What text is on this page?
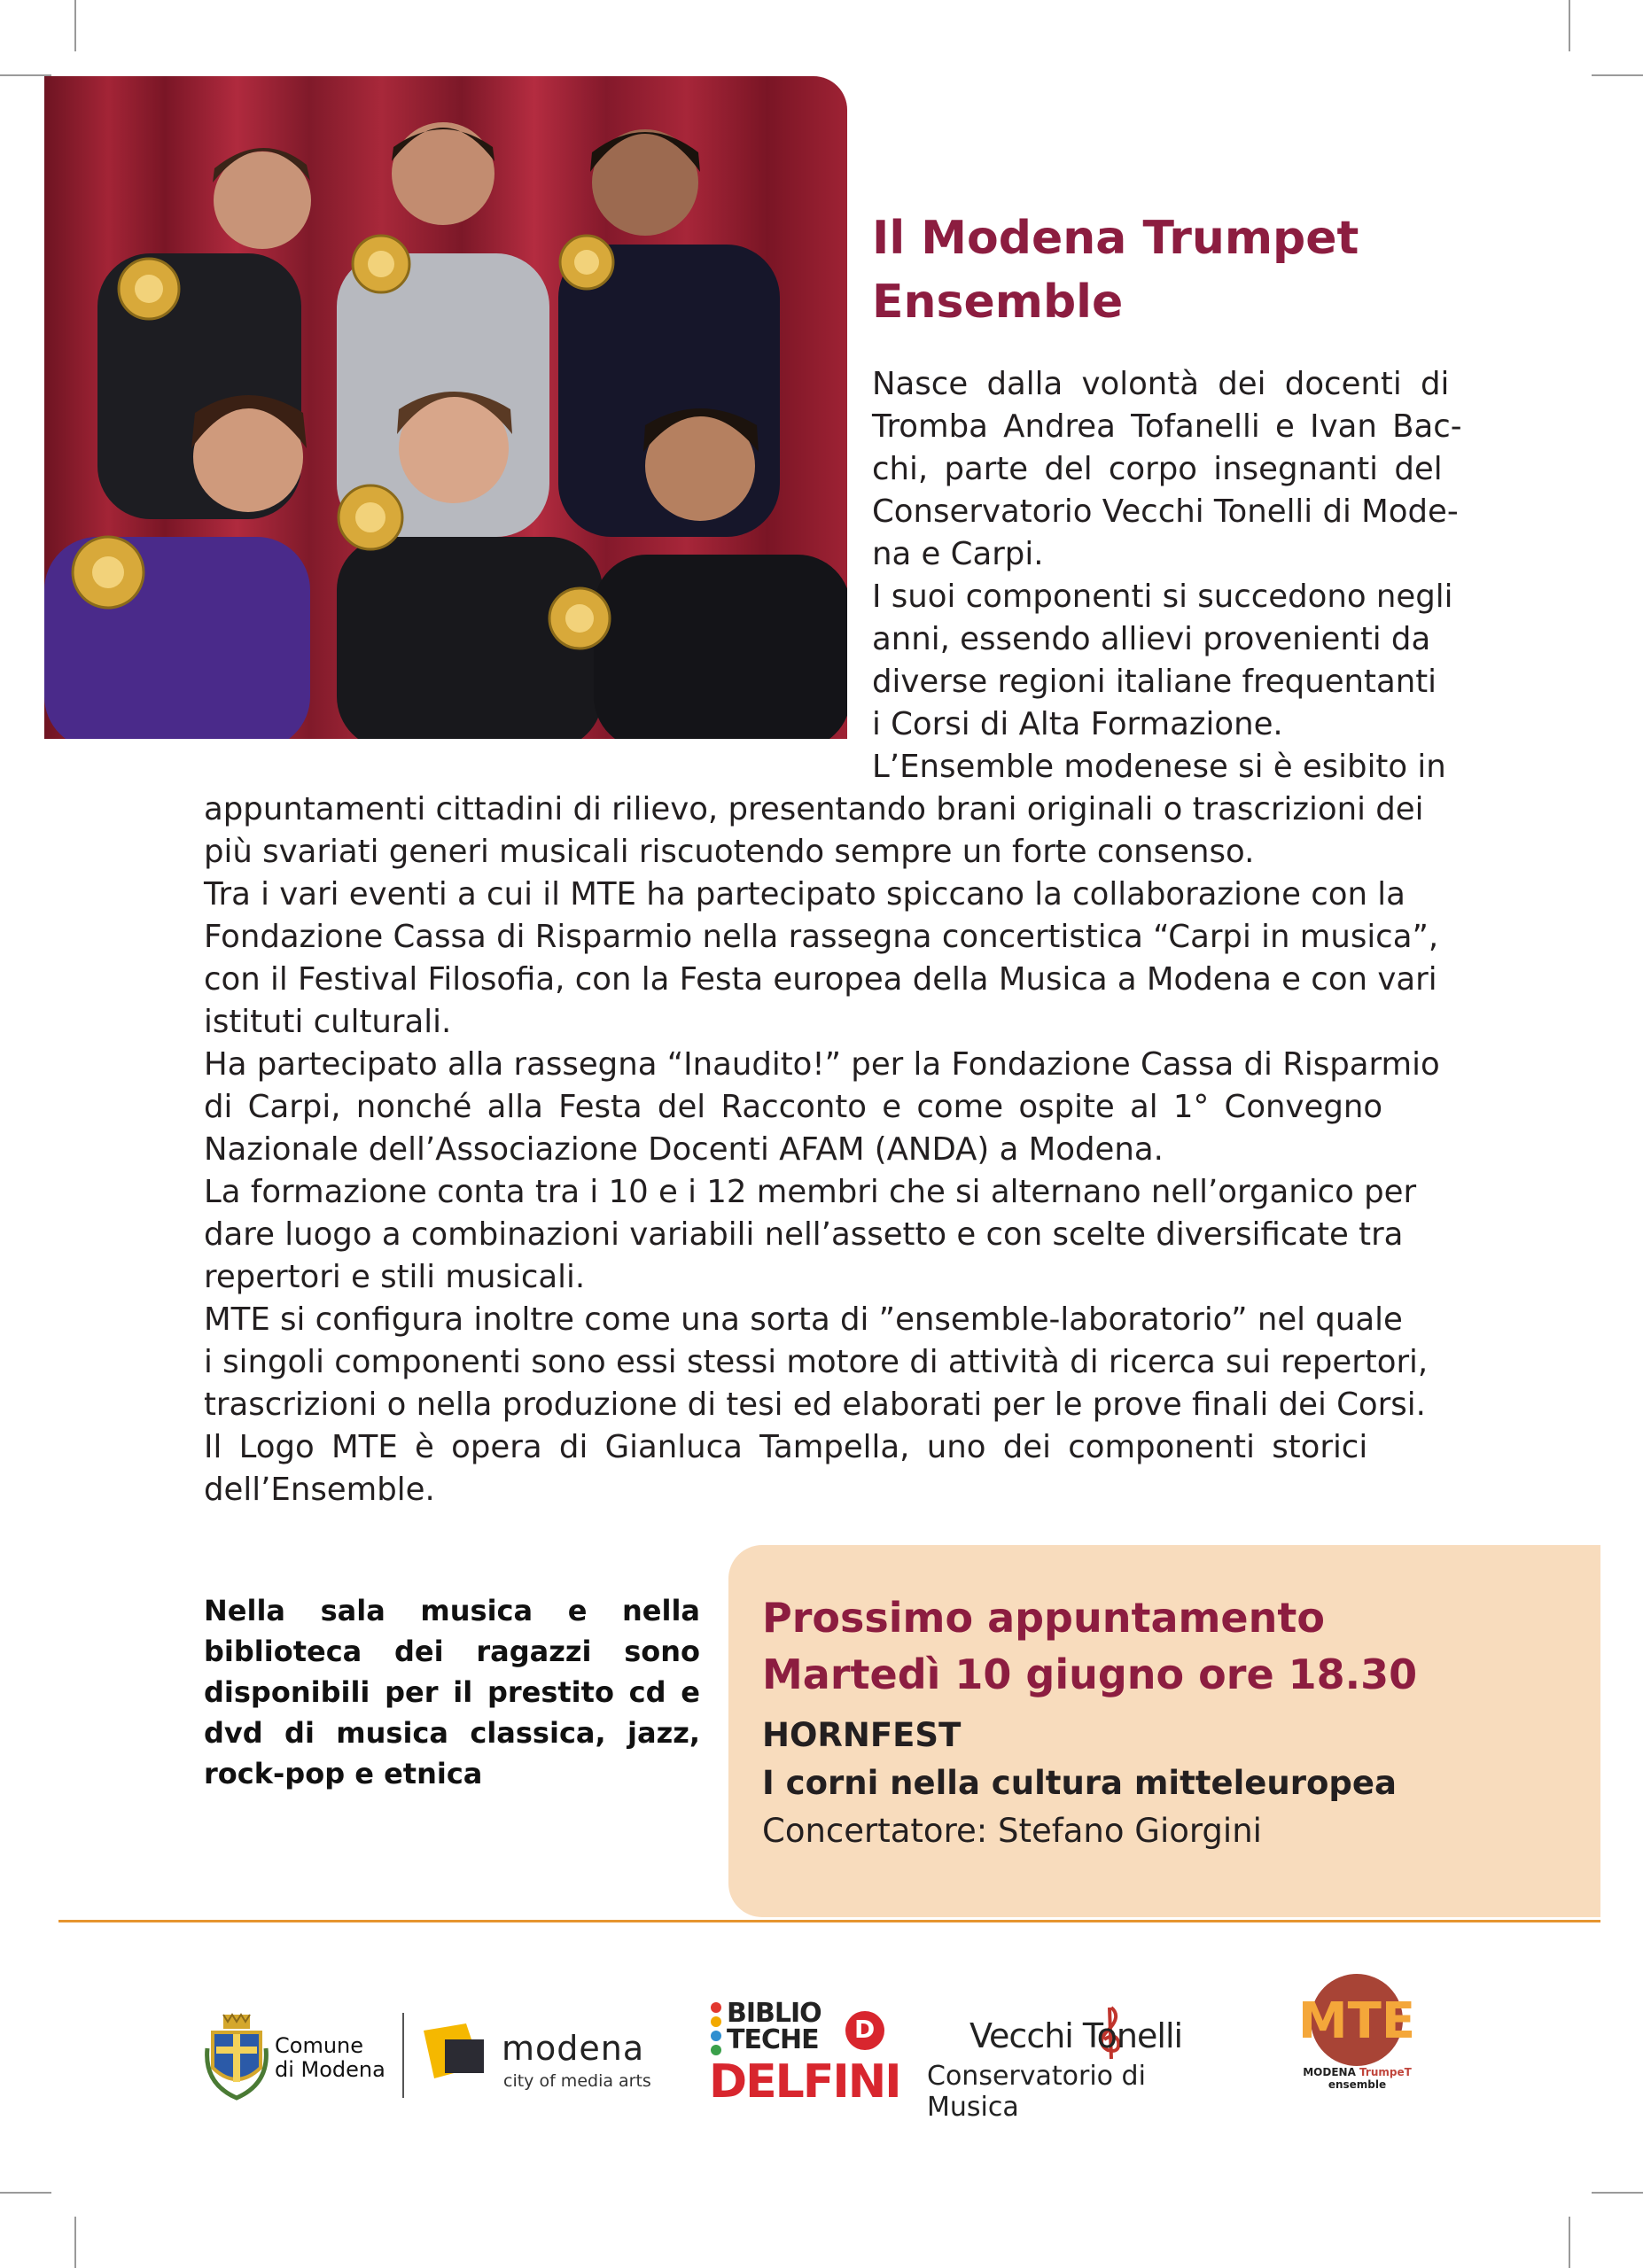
Il Modena Trumpet Ensemble
Nasce dalla volontà dei docenti di
Tromba Andrea Tofanelli e Ivan Bac-
chi, parte del corpo insegnanti del
Conservatorio Vecchi Tonelli di Mode-
na e Carpi.
I suoi componenti si succedono negli
anni, essendo allievi provenienti da
diverse regioni italiane frequentanti
i Corsi di Alta Formazione.
L’Ensemble modenese si è esibito in
appuntamenti cittadini di rilievo, presentando brani originali o trascrizioni dei
più svariati generi musicali riscuotendo sempre un forte consenso.
Tra i vari eventi a cui il MTE ha partecipato spiccano la collaborazione con la
Fondazione Cassa di Risparmio nella rassegna concertistica “Carpi in musica”,
con il Festival Filosofia, con la Festa europea della Musica a Modena e con vari
istituti culturali.
Ha partecipato alla rassegna “Inaudito!” per la Fondazione Cassa di Risparmio
di Carpi, nonché alla Festa del Racconto e come ospite al 1° Convegno
Nazionale dell’Associazione Docenti AFAM (ANDA) a Modena.
La formazione conta tra i 10 e i 12 membri che si alternano nell’organico per
dare luogo a combinazioni variabili nell’assetto e con scelte diversificate tra
repertori e stili musicali.
MTE si configura inoltre come una sorta di ”ensemble-laboratorio” nel quale
i singoli componenti sono essi stessi motore di attività di ricerca sui repertori,
trascrizioni o nella produzione di tesi ed elaborati per le prove finali dei Corsi.
Il Logo MTE è opera di Gianluca Tampella, uno dei componenti storici
dell’Ensemble.
Nella sala musica e nella biblioteca dei ragazzi sono disponibili per il prestito cd e dvd di musica classica, jazz, rock-pop e etnica
Prossimo appuntamento
Martedì 10 giugno ore 18.30
HORNFEST
I corni nella cultura mitteleuropea
Concertatore: Stefano Giorgini
Comune
di Modena
modena
city of media arts
BIBLIO
TECHE D
DELFINI
Vecchi Tonelli
Conservatorio di Musica
MTE
MODENA TrumpeT ensemble
